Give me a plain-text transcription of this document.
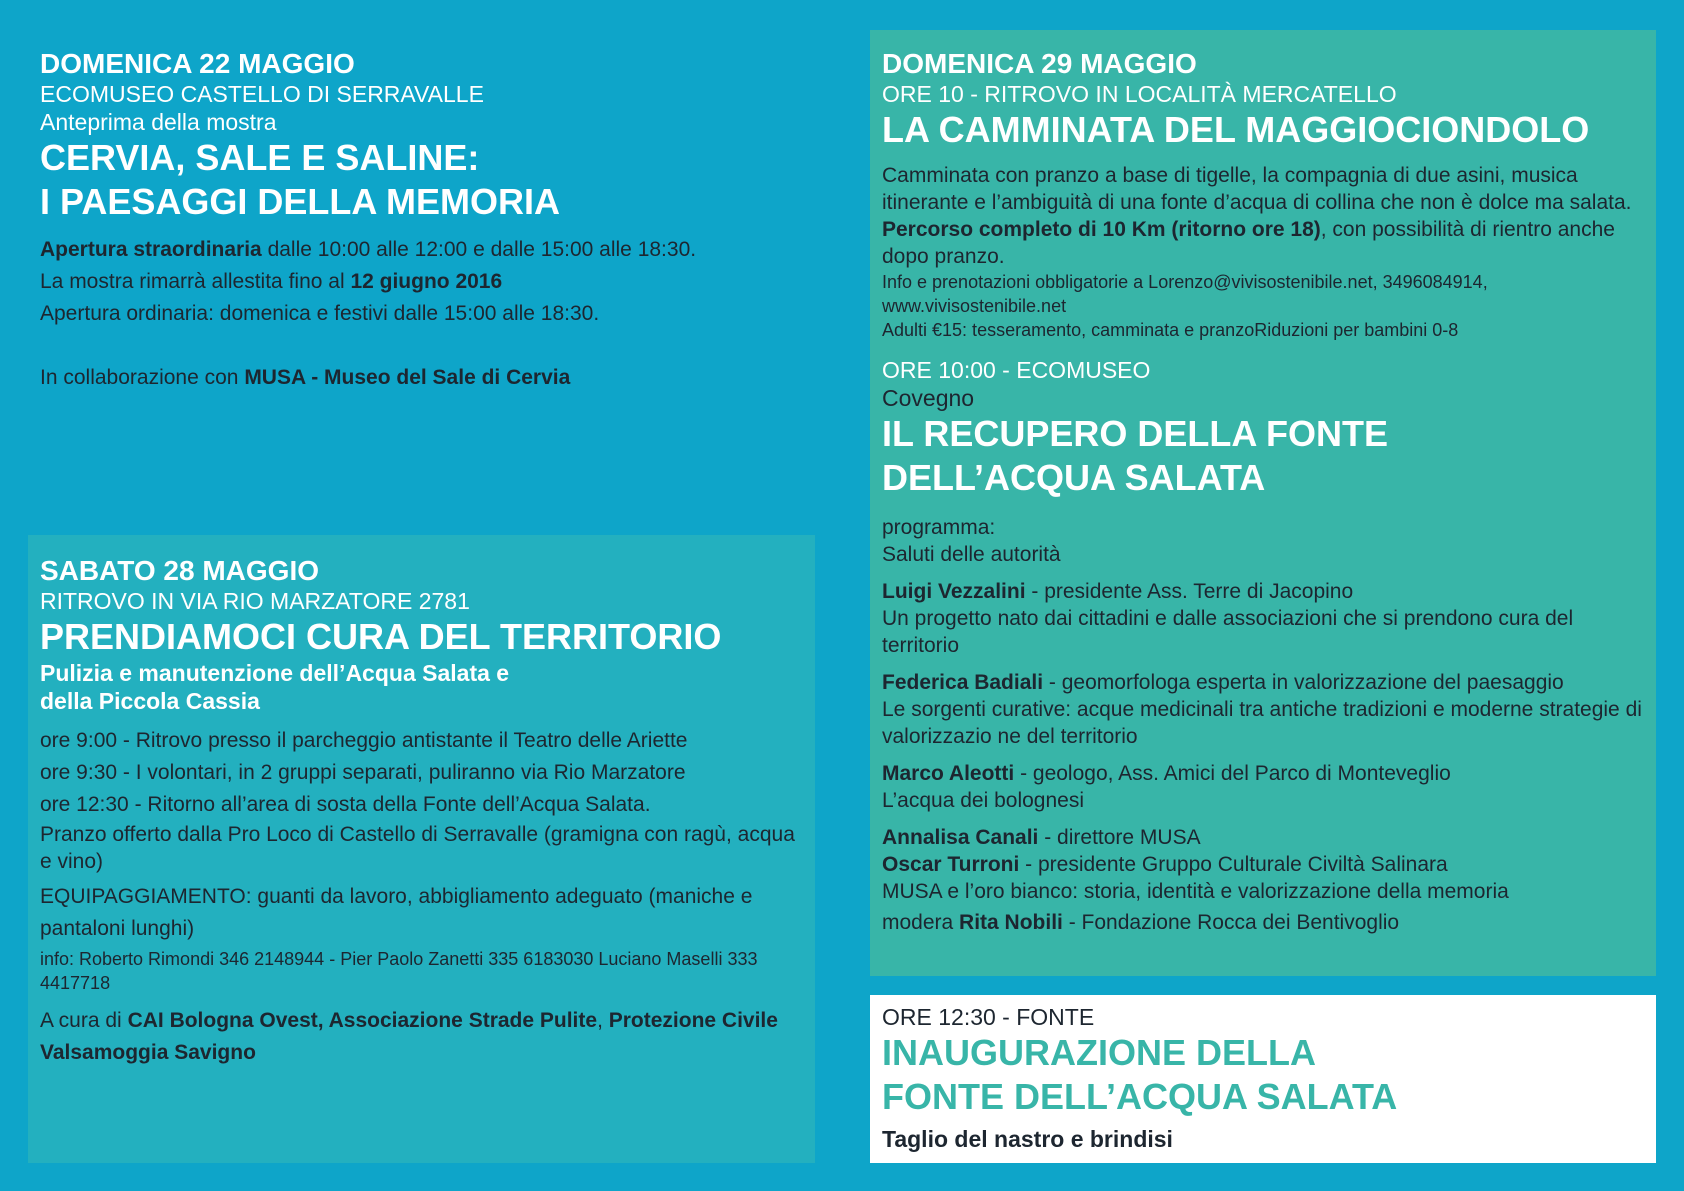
DOMENICA 22 MAGGIO
ECOMUSEO CASTELLO DI SERRAVALLE
Anteprima della mostra
CERVIA, SALE E SALINE:
I PAESAGGI DELLA MEMORIA
Apertura straordinaria dalle 10:00 alle 12:00 e dalle 15:00 alle 18:30.
La mostra rimarrà allestita fino al 12 giugno 2016
Apertura ordinaria: domenica e festivi dalle 15:00 alle 18:30.
In collaborazione con MUSA - Museo del Sale di Cervia
SABATO 28 MAGGIO
RITROVO IN VIA RIO MARZATORE 2781
PRENDIAMOCI CURA DEL TERRITORIO
Pulizia e manutenzione dell’Acqua Salata e
della Piccola Cassia
ore 9:00 - Ritrovo presso il parcheggio antistante il Teatro delle Ariette
ore 9:30 - I volontari, in 2 gruppi separati, puliranno via Rio Marzatore
ore 12:30 - Ritorno all’area di sosta della Fonte dell’Acqua Salata.
Pranzo offerto dalla Pro Loco di Castello di Serravalle (gramigna con ragù, acqua e vino)
EQUIPAGGIAMENTO: guanti da lavoro, abbigliamento adeguato (maniche e pantaloni lunghi)
info: Roberto Rimondi 346 2148944 - Pier Paolo Zanetti 335 6183030 Luciano Maselli 333 4417718
A cura di CAI Bologna Ovest, Associazione Strade Pulite, Protezione Civile Valsamoggia Savigno
DOMENICA 29 MAGGIO
ORE 10 - RITROVO IN LOCALITÀ MERCATELLO
LA CAMMINATA DEL MAGGIOCIONDOLO
Camminata con pranzo a base di tigelle, la compagnia di due asini, musica itinerante e l’ambiguità di una fonte d’acqua di collina che non è dolce ma salata.
Percorso completo di 10 Km (ritorno ore 18), con possibilità di rientro anche dopo pranzo.
Info e prenotazioni obbligatorie a Lorenzo@vivisostenibile.net, 3496084914, www.vivisostenibile.net
Adulti €15: tesseramento, camminata e pranzoRiduzioni per bambini 0-8
ORE 10:00 - ECOMUSEO
Covegno
IL RECUPERO DELLA FONTE
DELL’ACQUA SALATA
programma:
Saluti delle autorità
Luigi Vezzalini - presidente Ass. Terre di Jacopino
Un progetto nato dai cittadini e dalle associazioni che si prendono cura del territorio
Federica Badiali - geomorfologa esperta in valorizzazione del paesaggio
Le sorgenti curative: acque medicinali tra antiche tradizioni e moderne strategie di valorizzazio ne del territorio
Marco Aleotti - geologo, Ass. Amici del Parco di Monteveglio
L’acqua dei bolognesi
Annalisa Canali - direttore MUSA
Oscar Turroni - presidente Gruppo Culturale Civiltà Salinara
MUSA e l’oro bianco: storia, identità e valorizzazione della memoria
modera Rita Nobili - Fondazione Rocca dei Bentivoglio
ORE 12:30 - FONTE
INAUGURAZIONE DELLA
FONTE DELL’ACQUA SALATA
Taglio del nastro e brindisi
